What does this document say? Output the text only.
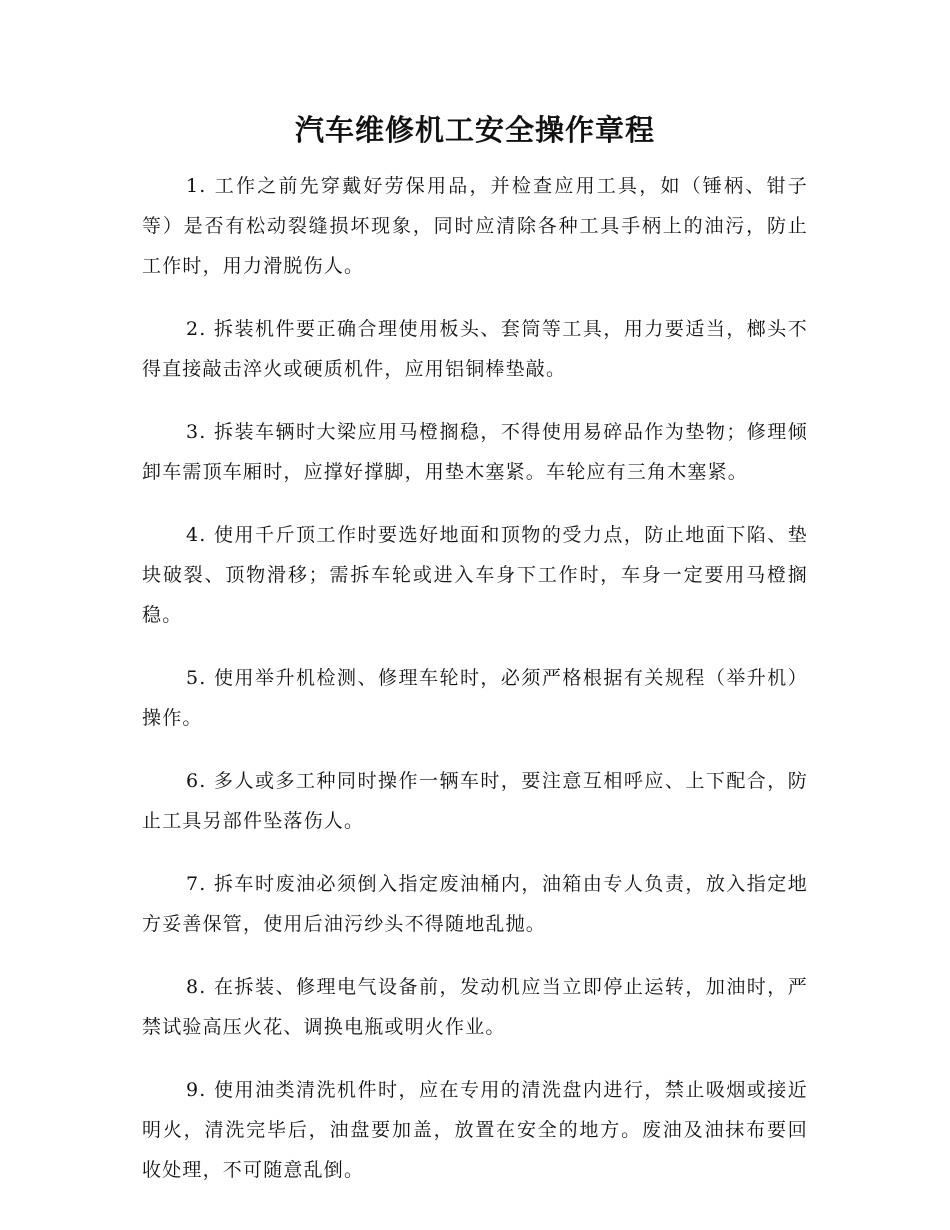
汽车维修机工安全操作章程

1. 工作之前先穿戴好劳保用品，并检查应用工具，如（锤柄、钳子等）是否有松动裂缝损坏现象，同时应清除各种工具手柄上的油污，防止工作时，用力滑脱伤人。

2. 拆装机件要正确合理使用板头、套筒等工具，用力要适当，榔头不得直接敲击淬火或硬质机件，应用铝铜棒垫敲。

3. 拆装车辆时大梁应用马橙搁稳，不得使用易碎品作为垫物；修理倾卸车需顶车厢时，应撑好撑脚，用垫木塞紧。车轮应有三角木塞紧。

4. 使用千斤顶工作时要选好地面和顶物的受力点，防止地面下陷、垫块破裂、顶物滑移；需拆车轮或进入车身下工作时，车身一定要用马橙搁稳。

5. 使用举升机检测、修理车轮时，必须严格根据有关规程（举升机）操作。

6. 多人或多工种同时操作一辆车时，要注意互相呼应、上下配合，防止工具另部件坠落伤人。

7. 拆车时废油必须倒入指定废油桶内，油箱由专人负责，放入指定地方妥善保管，使用后油污纱头不得随地乱抛。

8. 在拆装、修理电气设备前，发动机应当立即停止运转，加油时，严禁试验高压火花、调换电瓶或明火作业。

9. 使用油类清洗机件时，应在专用的清洗盘内进行，禁止吸烟或接近明火，清洗完毕后，油盘要加盖，放置在安全的地方。废油及油抹布要回收处理，不可随意乱倒。
